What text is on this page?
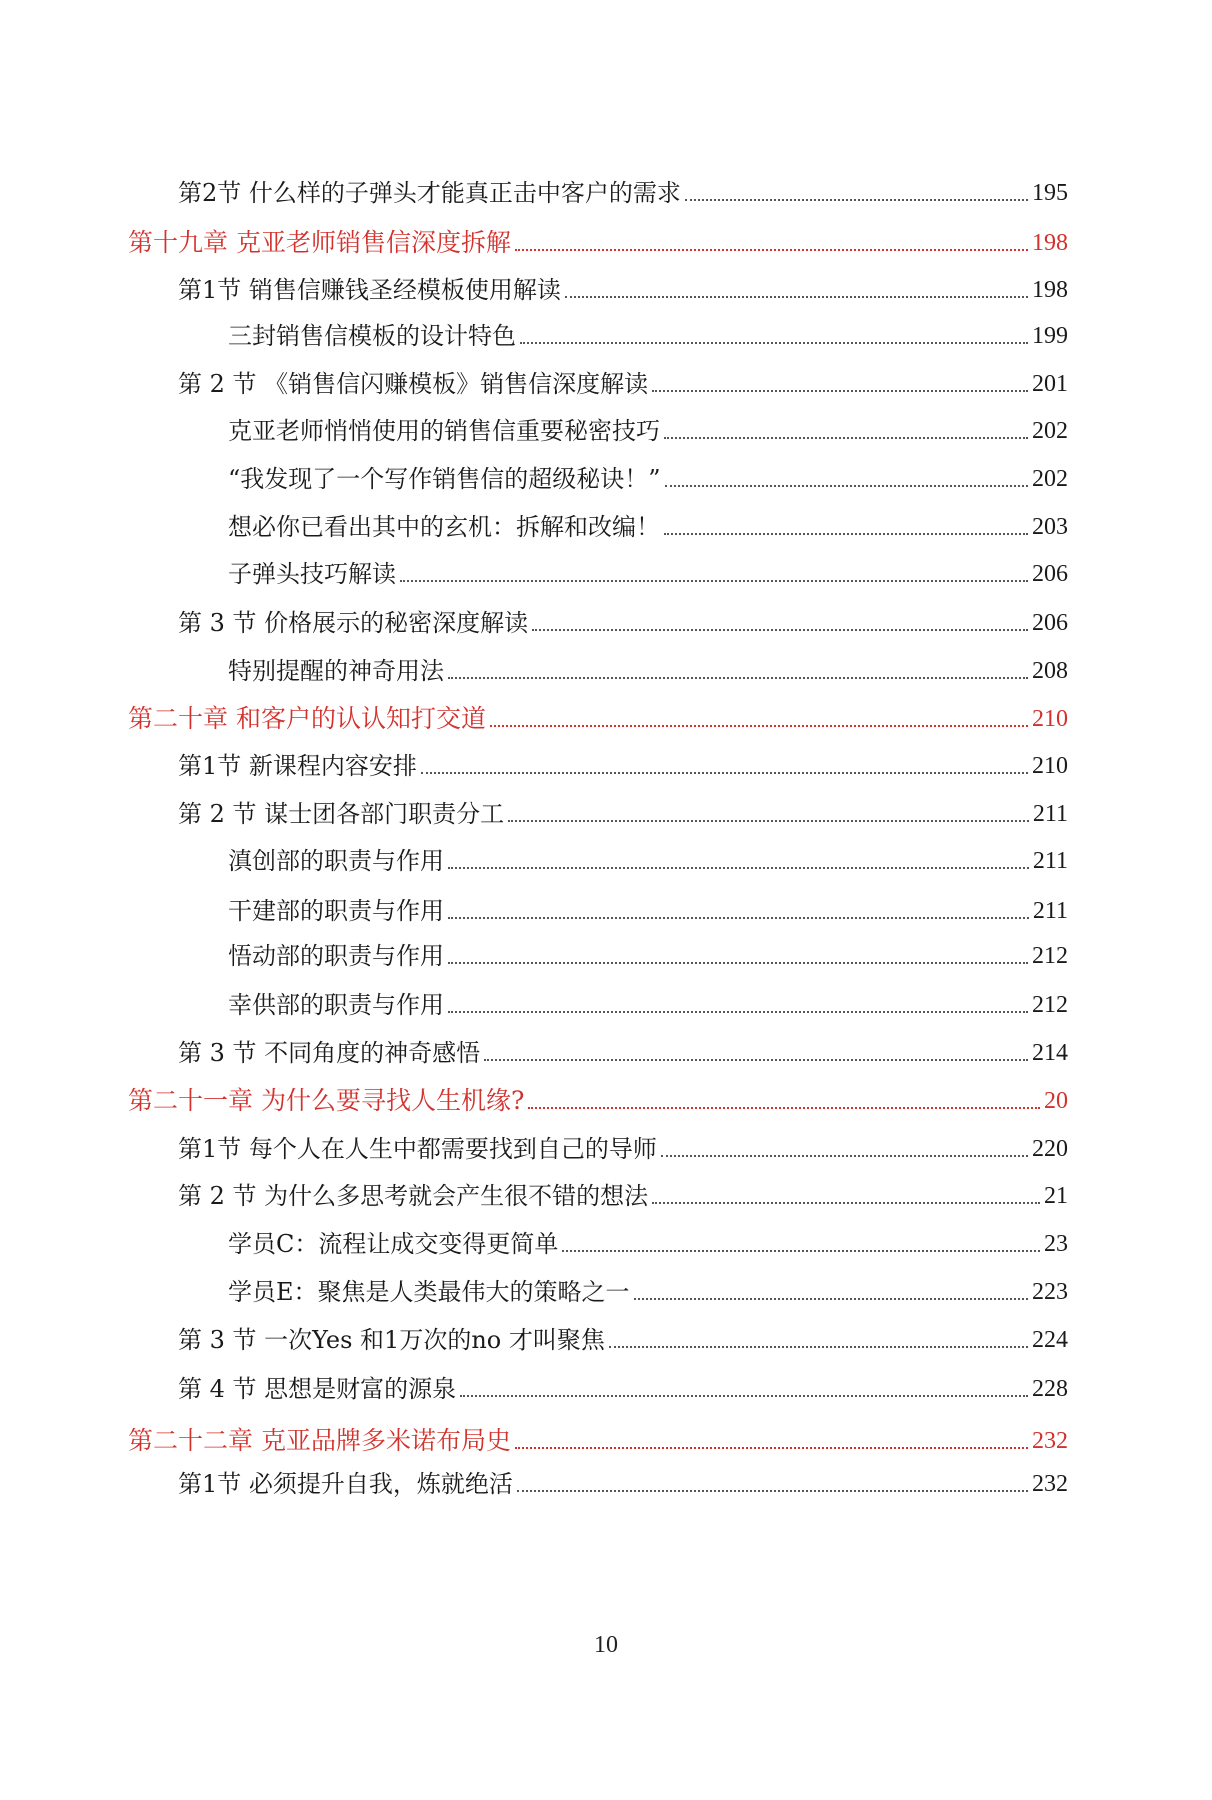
第2节 什么样的子弹头才能真正击中客户的需求	195
第十九章 克亚老师销售信深度拆解	198
第1节 销售信赚钱圣经模板使用解读	198
三封销售信模板的设计特色	199
第 2 节 《销售信闪赚模板》销售信深度解读	201
克亚老师悄悄使用的销售信重要秘密技巧	202
“我发现了一个写作销售信的超级秘诀！”	202
想必你已看出其中的玄机：拆解和改编！	203
子弹头技巧解读	206
第 3 节 价格展示的秘密深度解读	206
特别提醒的神奇用法	208
第二十章 和客户的认认知打交道	210
第1节 新课程内容安排	210
第 2 节 谋士团各部门职责分工	211
滇创部的职责与作用	211
干建部的职责与作用	211
悟动部的职责与作用	212
幸供部的职责与作用	212
第 3 节 不同角度的神奇感悟	214
第二十一章 为什么要寻找人生机缘?	20
第1节 每个人在人生中都需要找到自己的导师	220
第 2 节 为什么多思考就会产生很不错的想法	21
学员C：流程让成交变得更简单	23
学员E：聚焦是人类最伟大的策略之一	223
第 3 节 一次Yes 和1万次的no 才叫聚焦	224
第 4 节 思想是财富的源泉	228
第二十二章 克亚品牌多米诺布局史	232
第1节 必须提升自我，炼就绝活	232
10
